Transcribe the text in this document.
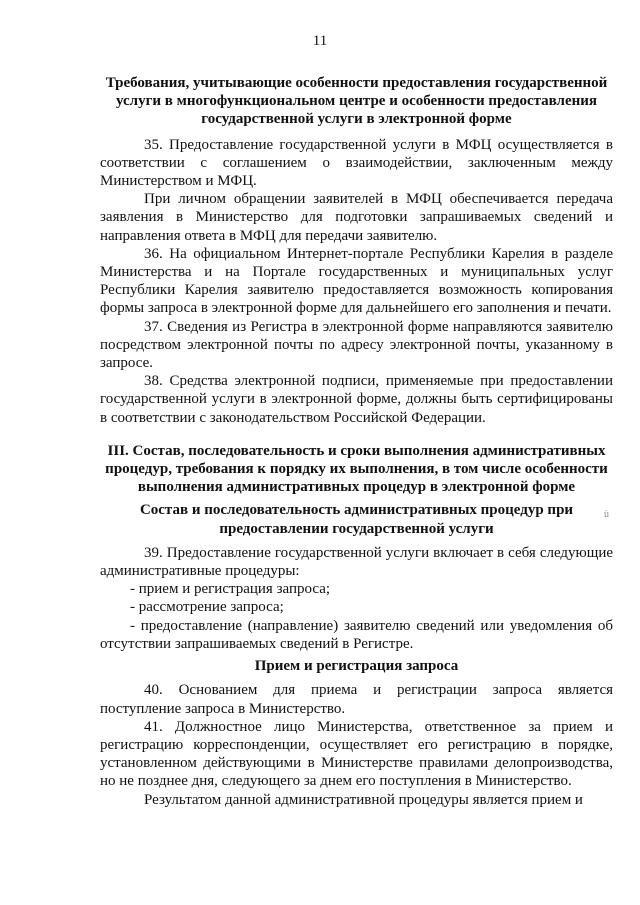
11

Требования, учитывающие особенности предоставления государственной услуги в многофункциональном центре и особенности предоставления государственной услуги в электронной форме

35. Предоставление государственной услуги в МФЦ осуществляется в соответствии с соглашением о взаимодействии, заключенным между Министерством и МФЦ.

При личном обращении заявителей в МФЦ обеспечивается передача заявления в Министерство для подготовки запрашиваемых сведений и направления ответа в МФЦ для передачи заявителю.

36. На официальном Интернет-портале Республики Карелия в разделе Министерства и на Портале государственных и муниципальных услуг Республики Карелия заявителю предоставляется возможность копирования формы запроса в электронной форме для дальнейшего его заполнения и печати.

37. Сведения из Регистра в электронной форме направляются заявителю посредством электронной почты по адресу электронной почты, указанному в запросе.

38. Средства электронной подписи, применяемые при предоставлении государственной услуги в электронной форме, должны быть сертифицированы в соответствии с законодательством Российской Федерации.

III. Состав, последовательность и сроки выполнения административных процедур, требования к порядку их выполнения, в том числе особенности выполнения административных процедур в электронной форме

Состав и последовательность административных процедур при предоставлении государственной услуги

39. Предоставление государственной услуги включает в себя следующие административные процедуры:

- прием и регистрация запроса;

- рассмотрение запроса;

- предоставление (направление) заявителю сведений или уведомления об отсутствии запрашиваемых сведений в Регистре.

Прием и регистрация запроса

40. Основанием для приема и регистрации запроса является поступление запроса в Министерство.

41. Должностное лицо Министерства, ответственное за прием и регистрацию корреспонденции, осуществляет его регистрацию в порядке, установленном действующими в Министерстве правилами делопроизводства, но не позднее дня, следующего за днем его поступления в Министерство.

Результатом данной административной процедуры является прием и

ù
